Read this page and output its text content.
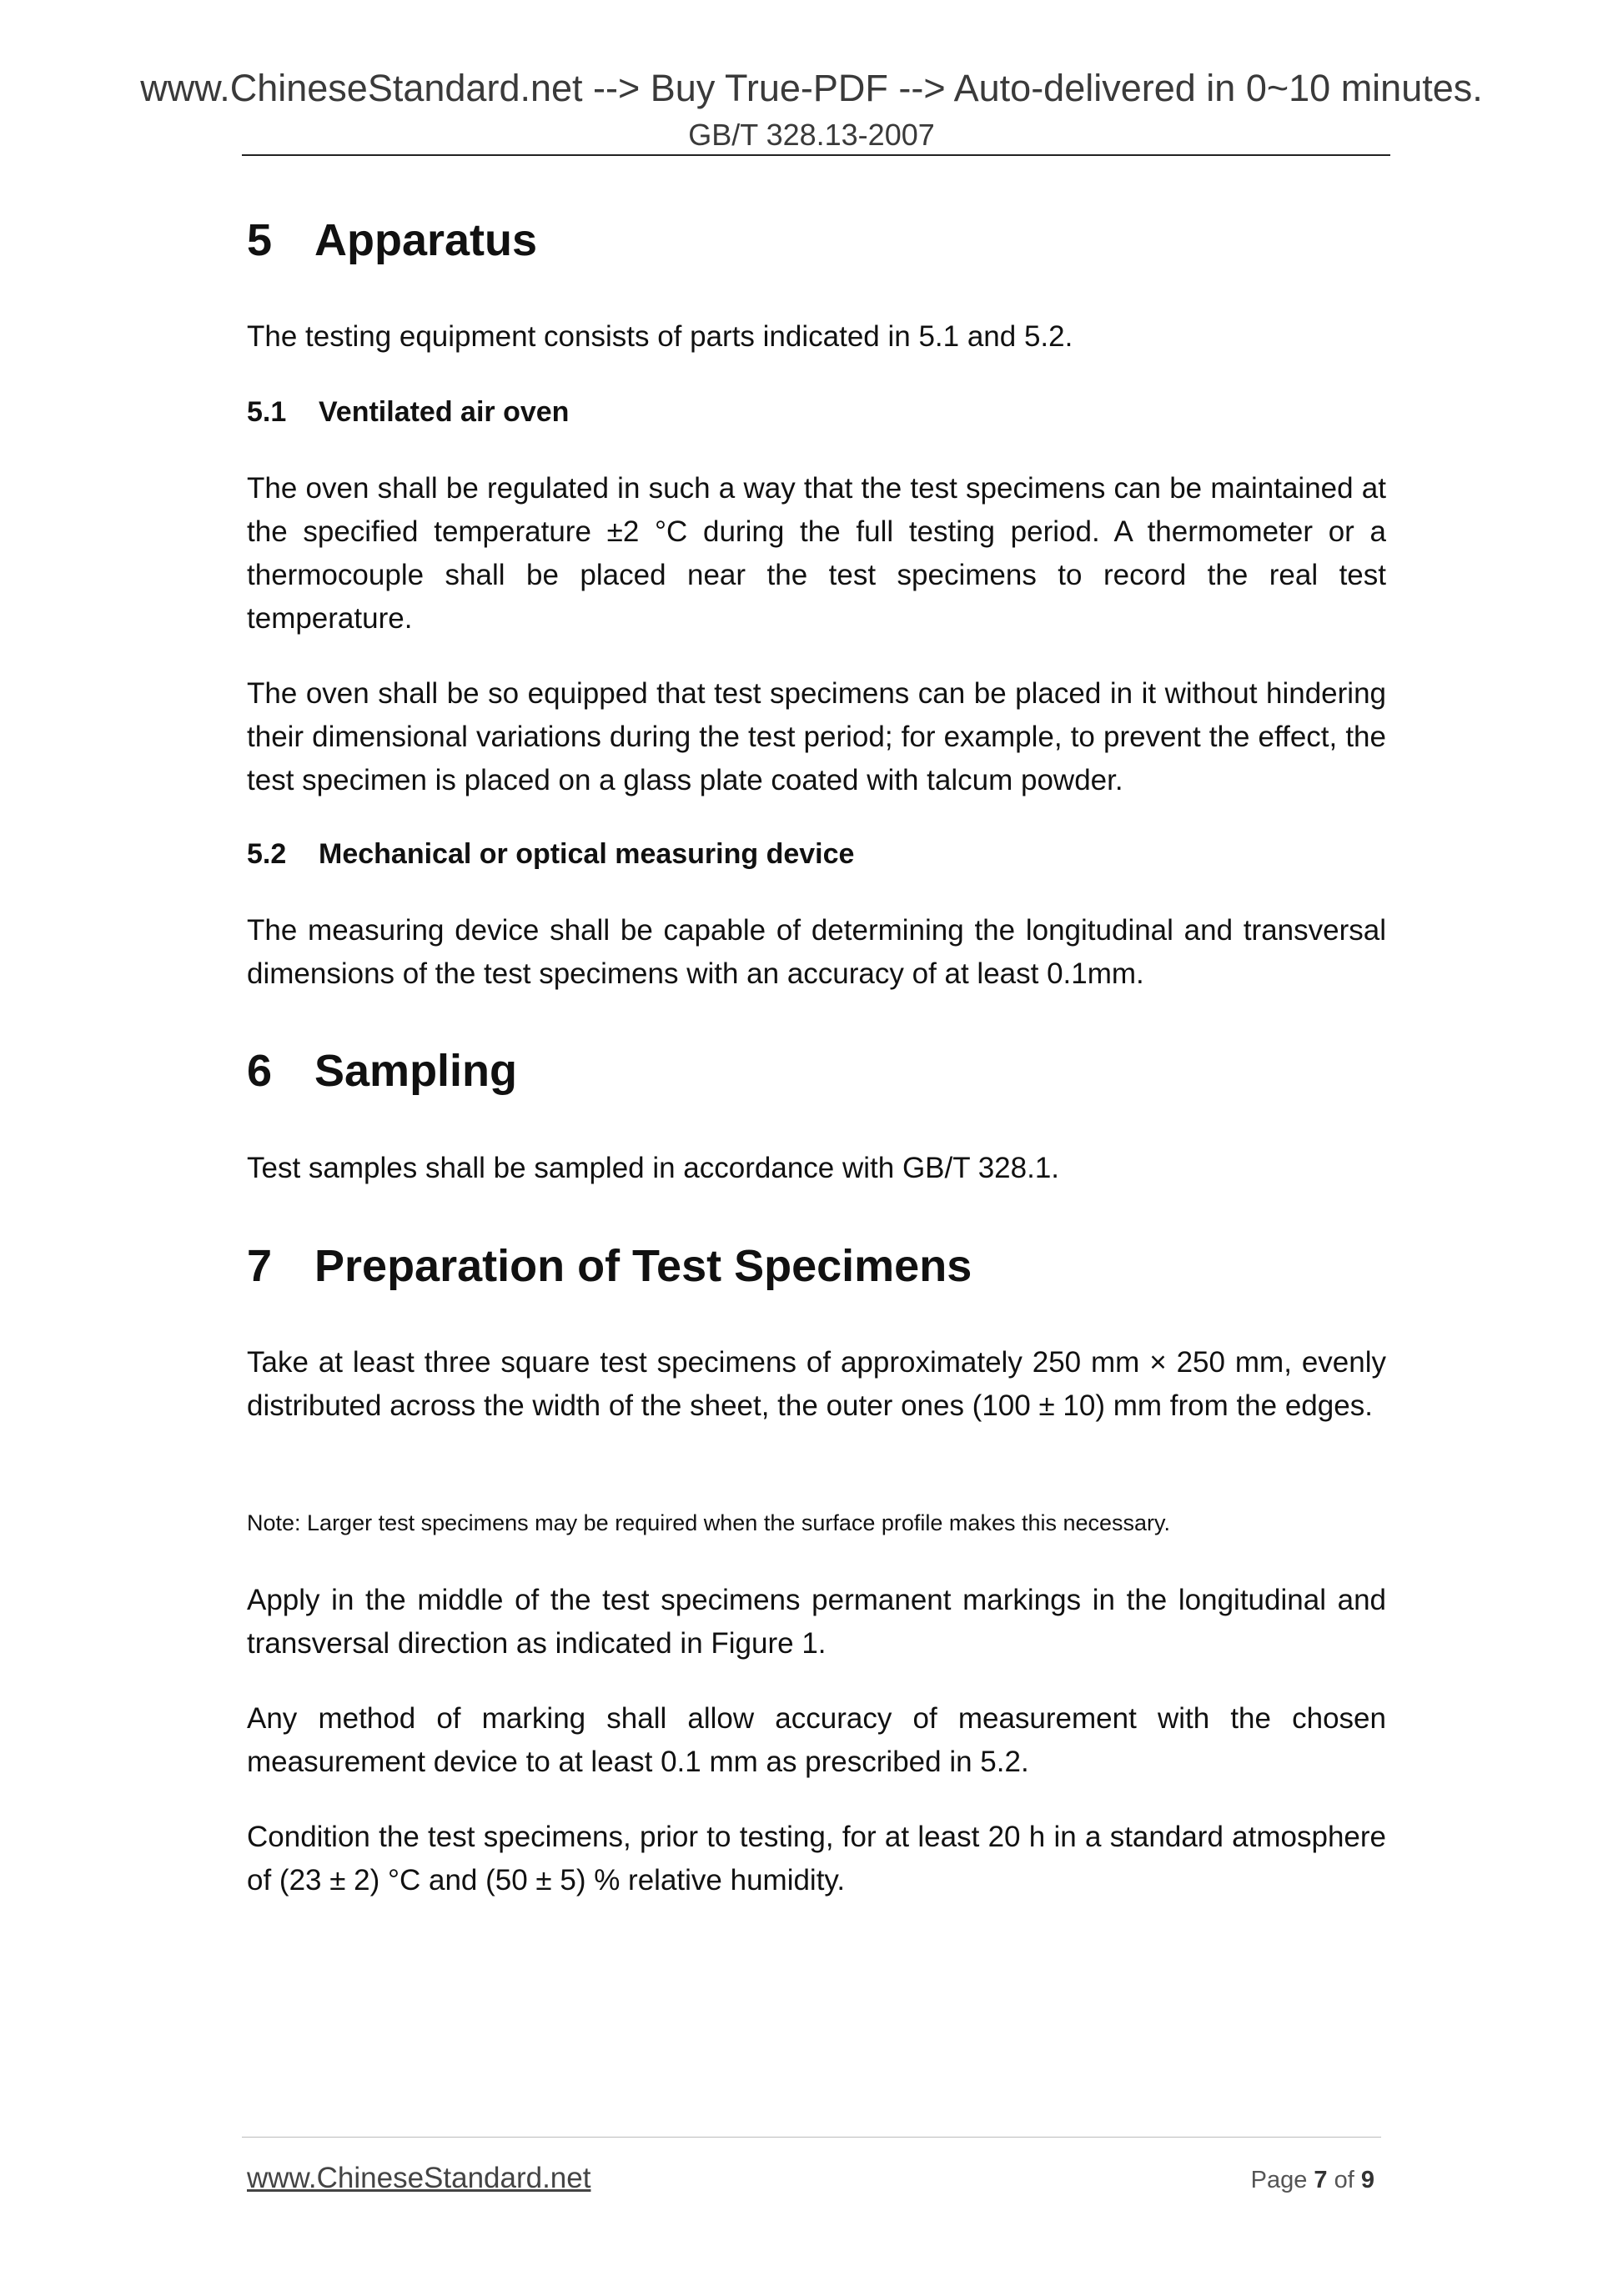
www.ChineseStandard.net --> Buy True-PDF --> Auto-delivered in 0~10 minutes.
GB/T 328.13-2007
5 Apparatus

The testing equipment consists of parts indicated in 5.1 and 5.2.

5.1 Ventilated air oven

The oven shall be regulated in such a way that the test specimens can be maintained at the specified temperature ±2 °C during the full testing period. A thermometer or a thermocouple shall be placed near the test specimens to record the real test temperature.

The oven shall be so equipped that test specimens can be placed in it without hindering their dimensional variations during the test period; for example, to prevent the effect, the test specimen is placed on a glass plate coated with talcum powder.

5.2 Mechanical or optical measuring device

The measuring device shall be capable of determining the longitudinal and transversal dimensions of the test specimens with an accuracy of at least 0.1mm.

6 Sampling

Test samples shall be sampled in accordance with GB/T 328.1.

7 Preparation of Test Specimens

Take at least three square test specimens of approximately 250 mm × 250 mm, evenly distributed across the width of the sheet, the outer ones (100 ± 10) mm from the edges.

Note: Larger test specimens may be required when the surface profile makes this necessary.

Apply in the middle of the test specimens permanent markings in the longitudinal and transversal direction as indicated in Figure 1.

Any method of marking shall allow accuracy of measurement with the chosen measurement device to at least 0.1 mm as prescribed in 5.2.

Condition the test specimens, prior to testing, for at least 20 h in a standard atmosphere of (23 ± 2) °C and (50 ± 5) % relative humidity.

www.ChineseStandard.net	Page 7 of 9
